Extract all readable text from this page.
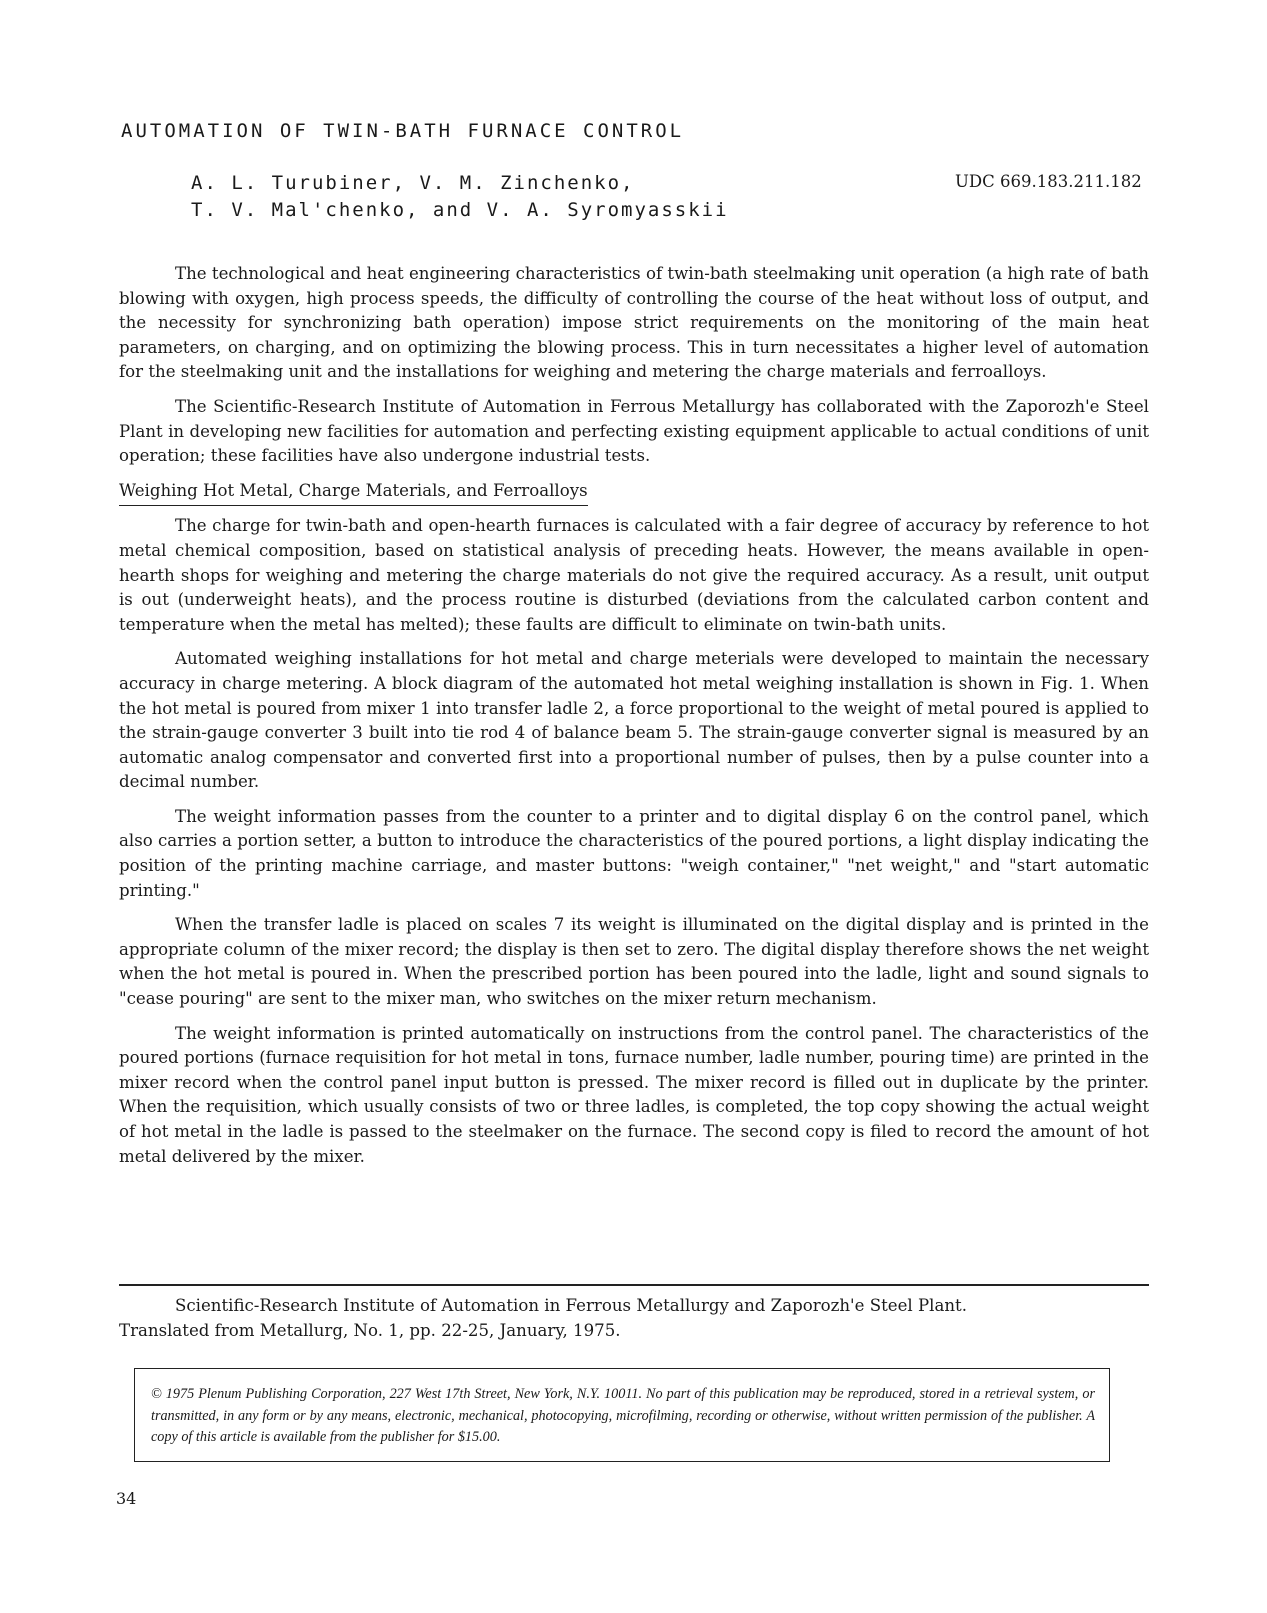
AUTOMATION OF TWIN-BATH FURNACE CONTROL
A. L. Turubiner, V. M. Zinchenko,
T. V. Mal'chenko, and V. A. Syromyasskii
UDC 669.183.211.182

The technological and heat engineering characteristics of twin-bath steelmaking unit operation (a high rate of bath blowing with oxygen, high process speeds, the difficulty of controlling the course of the heat without loss of output, and the necessity for synchronizing bath operation) impose strict requirements on the monitoring of the main heat parameters, on charging, and on optimizing the blowing process. This in turn necessitates a higher level of automation for the steelmaking unit and the installations for weighing and metering the charge materials and ferroalloys.

The Scientific-Research Institute of Automation in Ferrous Metallurgy has collaborated with the Zaporozh'e Steel Plant in developing new facilities for automation and perfecting existing equipment applicable to actual conditions of unit operation; these facilities have also undergone industrial tests.

Weighing Hot Metal, Charge Materials, and Ferroalloys

The charge for twin-bath and open-hearth furnaces is calculated with a fair degree of accuracy by reference to hot metal chemical composition, based on statistical analysis of preceding heats. However, the means available in open-hearth shops for weighing and metering the charge materials do not give the required accuracy. As a result, unit output is out (underweight heats), and the process routine is disturbed (deviations from the calculated carbon content and temperature when the metal has melted); these faults are difficult to eliminate on twin-bath units.

Automated weighing installations for hot metal and charge meterials were developed to maintain the necessary accuracy in charge metering. A block diagram of the automated hot metal weighing installation is shown in Fig. 1. When the hot metal is poured from mixer 1 into transfer ladle 2, a force proportional to the weight of metal poured is applied to the strain-gauge converter 3 built into tie rod 4 of balance beam 5. The strain-gauge converter signal is measured by an automatic analog compensator and converted first into a proportional number of pulses, then by a pulse counter into a decimal number.

The weight information passes from the counter to a printer and to digital display 6 on the control panel, which also carries a portion setter, a button to introduce the characteristics of the poured portions, a light display indicating the position of the printing machine carriage, and master buttons: "weigh container," "net weight," and "start automatic printing."

When the transfer ladle is placed on scales 7 its weight is illuminated on the digital display and is printed in the appropriate column of the mixer record; the display is then set to zero. The digital display therefore shows the net weight when the hot metal is poured in. When the prescribed portion has been poured into the ladle, light and sound signals to "cease pouring" are sent to the mixer man, who switches on the mixer return mechanism.

The weight information is printed automatically on instructions from the control panel. The characteristics of the poured portions (furnace requisition for hot metal in tons, furnace number, ladle number, pouring time) are printed in the mixer record when the control panel input button is pressed. The mixer record is filled out in duplicate by the printer. When the requisition, which usually consists of two or three ladles, is completed, the top copy showing the actual weight of hot metal in the ladle is passed to the steelmaker on the furnace. The second copy is filed to record the amount of hot metal delivered by the mixer.

Scientific-Research Institute of Automation in Ferrous Metallurgy and Zaporozh'e Steel Plant.
Translated from Metallurg, No. 1, pp. 22-25, January, 1975.
© 1975 Plenum Publishing Corporation, 227 West 17th Street, New York, N.Y. 10011. No part of this publication may be reproduced, stored in a retrieval system, or transmitted, in any form or by any means, electronic, mechanical, photocopying, microfilming, recording or otherwise, without written permission of the publisher. A copy of this article is available from the publisher for $15.00.
34
